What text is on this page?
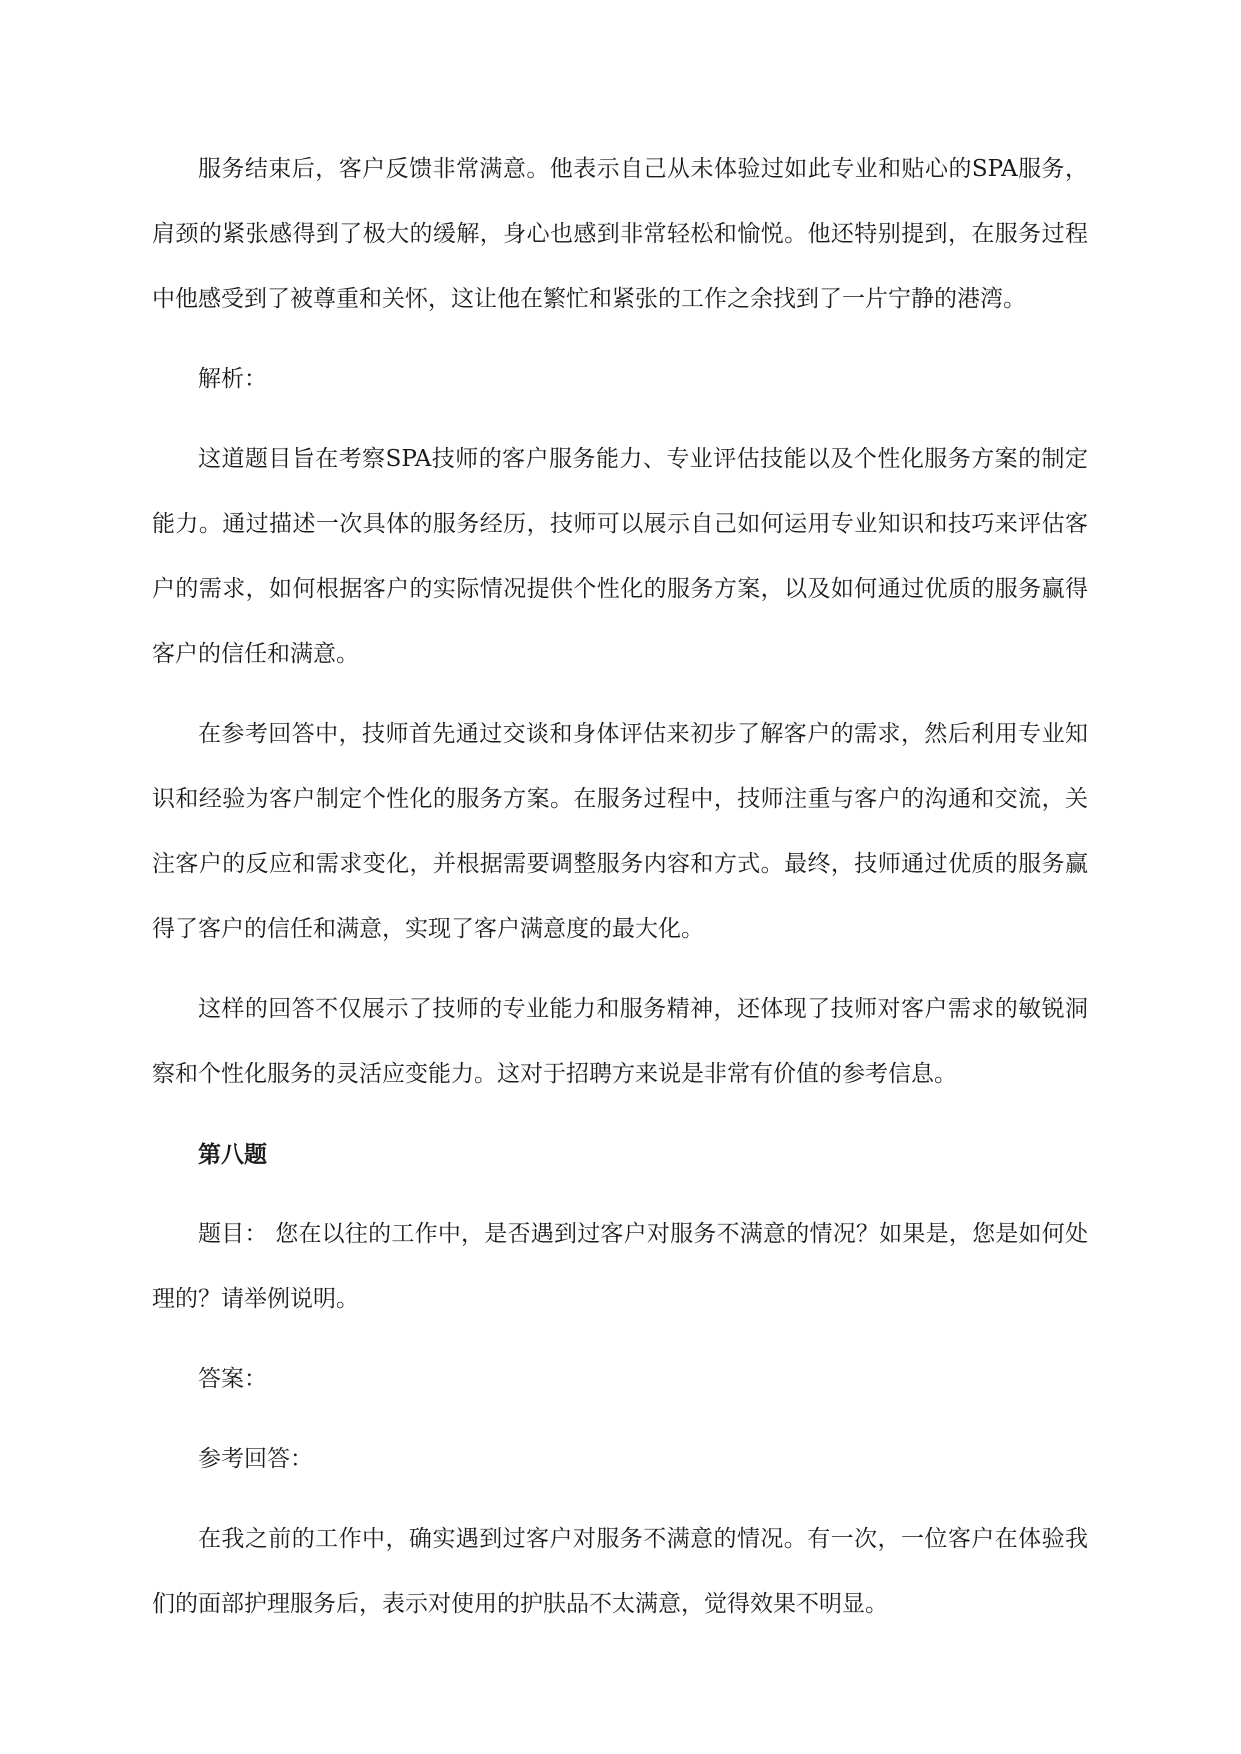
服务结束后，客户反馈非常满意。他表示自己从未体验过如此专业和贴心的SPA服务，肩颈的紧张感得到了极大的缓解，身心也感到非常轻松和愉悦。他还特别提到，在服务过程中他感受到了被尊重和关怀，这让他在繁忙和紧张的工作之余找到了一片宁静的港湾。

解析：

这道题目旨在考察SPA技师的客户服务能力、专业评估技能以及个性化服务方案的制定能力。通过描述一次具体的服务经历，技师可以展示自己如何运用专业知识和技巧来评估客户的需求，如何根据客户的实际情况提供个性化的服务方案，以及如何通过优质的服务赢得客户的信任和满意。

在参考回答中，技师首先通过交谈和身体评估来初步了解客户的需求，然后利用专业知识和经验为客户制定个性化的服务方案。在服务过程中，技师注重与客户的沟通和交流，关注客户的反应和需求变化，并根据需要调整服务内容和方式。最终，技师通过优质的服务赢得了客户的信任和满意，实现了客户满意度的最大化。

这样的回答不仅展示了技师的专业能力和服务精神，还体现了技师对客户需求的敏锐洞察和个性化服务的灵活应变能力。这对于招聘方来说是非常有价值的参考信息。

第八题

题目： 您在以往的工作中，是否遇到过客户对服务不满意的情况？如果是，您是如何处理的？请举例说明。

答案：

参考回答：

在我之前的工作中，确实遇到过客户对服务不满意的情况。有一次，一位客户在体验我们的面部护理服务后，表示对使用的护肤品不太满意，觉得效果不明显。
